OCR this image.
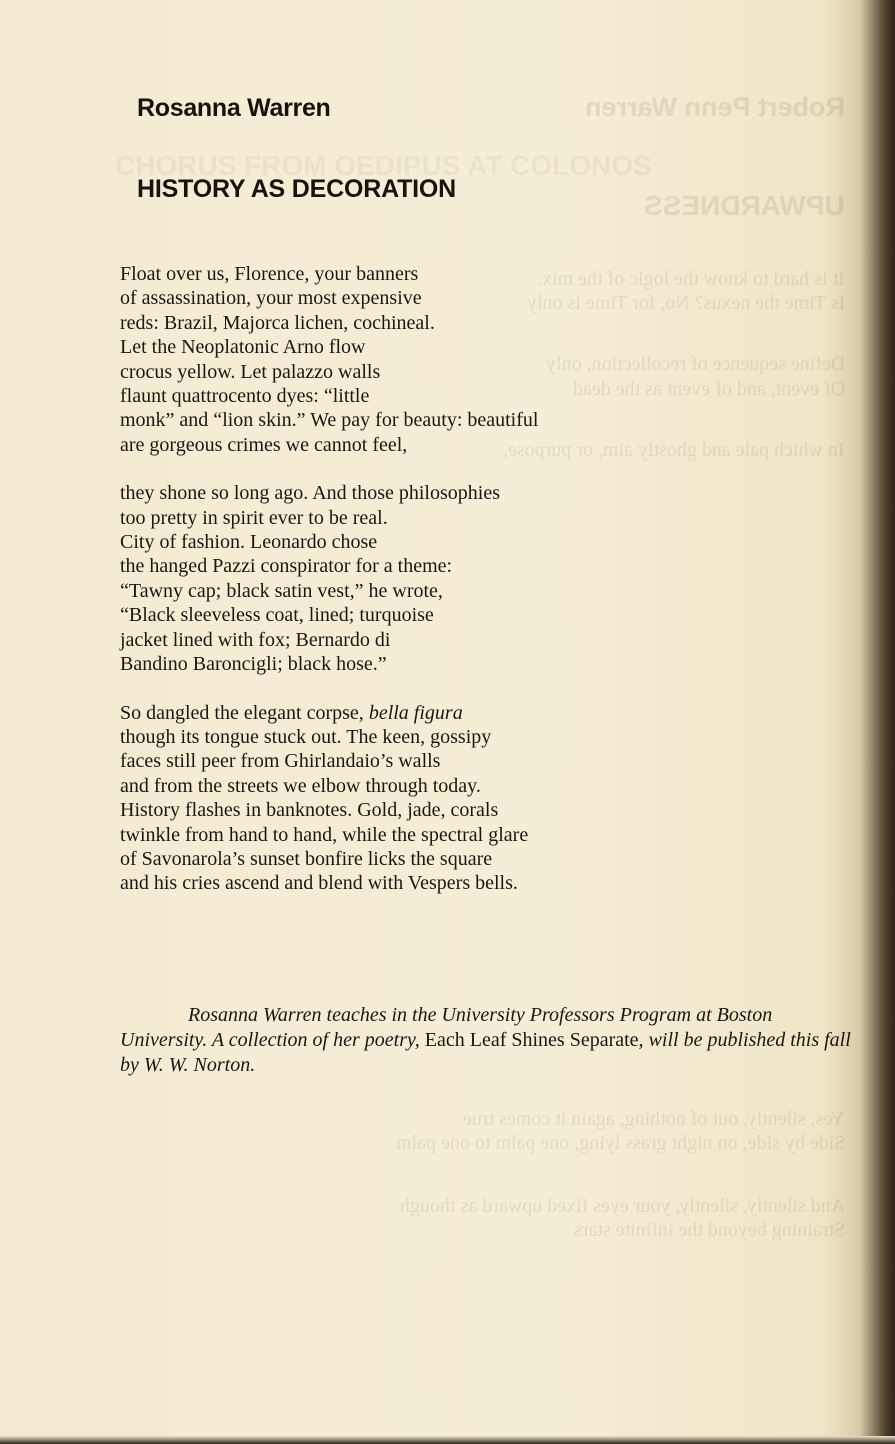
Robert Penn Warren
UPWARDNESS
CHORUS FROM OEDIPUS AT COLONOS
It is hard to know the logic of the mix.
Is Time the nexus? No, for Time is only
Define sequence of recollection, only
Of event, and of event as the dead
In which pale and ghostly aim, or purpose,
Yes, silently, out of nothing, again it comes true
Side by side, on night grass lying, one palm to one palm
And silently, silently, your eyes fixed upward as though
Straining beyond the infinite stars
Rosanna Warren
HISTORY AS DECORATION
Float over us, Florence, your banners
of assassination, your most expensive
reds: Brazil, Majorca lichen, cochineal.
Let the Neoplatonic Arno flow
crocus yellow. Let palazzo walls
flaunt quattrocento dyes: “little
monk” and “lion skin.” We pay for beauty: beautiful
are gorgeous crimes we cannot feel,
they shone so long ago. And those philosophies
too pretty in spirit ever to be real.
City of fashion. Leonardo chose
the hanged Pazzi conspirator for a theme:
“Tawny cap; black satin vest,” he wrote,
“Black sleeveless coat, lined; turquoise
jacket lined with fox; Bernardo di
Bandino Baroncigli; black hose.”
So dangled the elegant corpse, bella figura
though its tongue stuck out. The keen, gossipy
faces still peer from Ghirlandaio’s walls
and from the streets we elbow through today.
History flashes in banknotes. Gold, jade, corals
twinkle from hand to hand, while the spectral glare
of Savonarola’s sunset bonfire licks the square
and his cries ascend and blend with Vespers bells.
Rosanna Warren teaches in the University Professors Program at Boston University. A collection of her poetry, Each Leaf Shines Separate, will be published this fall by W. W. Norton.
